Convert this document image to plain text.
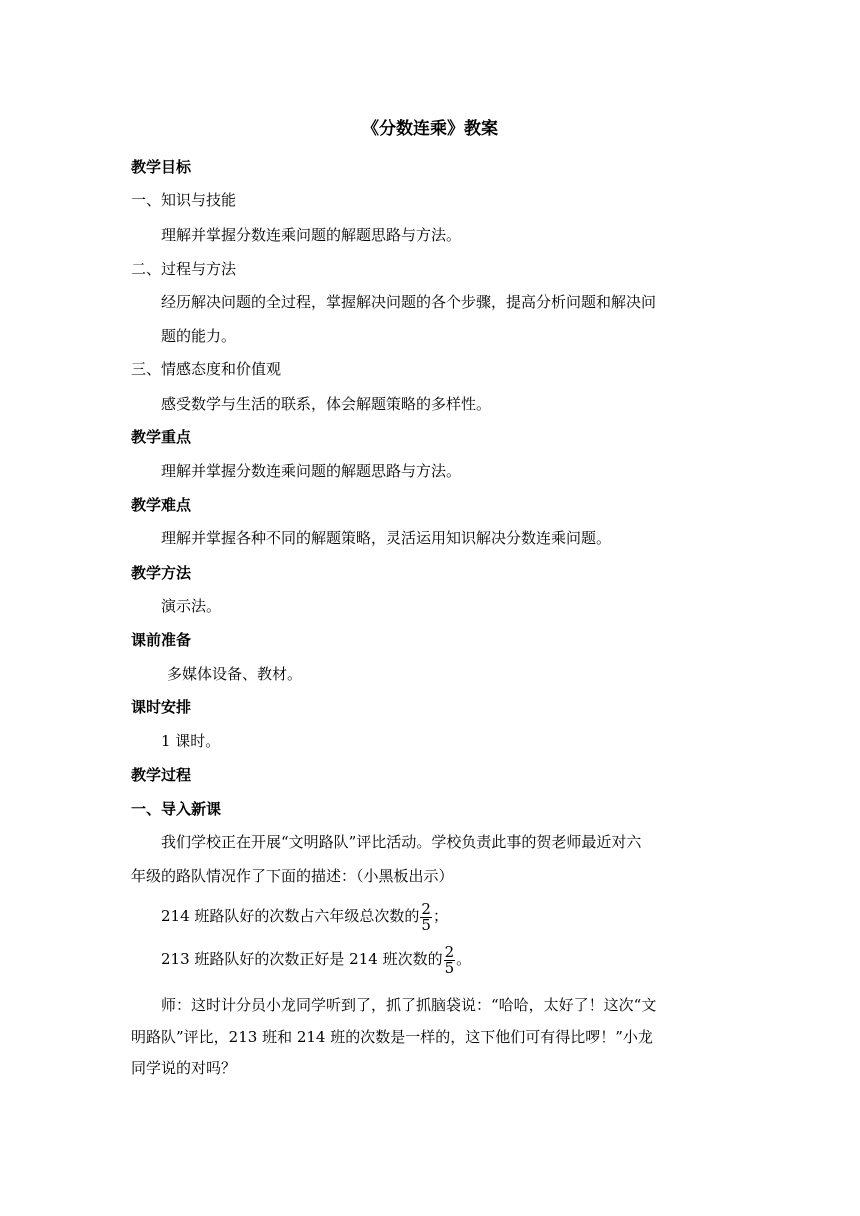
《分数连乘》教案
教学目标
一、知识与技能
理解并掌握分数连乘问题的解题思路与方法。
二、过程与方法
经历解决问题的全过程，掌握解决问题的各个步骤，提高分析问题和解决问
题的能力。
三、情感态度和价值观
感受数学与生活的联系，体会解题策略的多样性。
教学重点
理解并掌握分数连乘问题的解题思路与方法。
教学难点
理解并掌握各种不同的解题策略，灵活运用知识解决分数连乘问题。
教学方法
演示法。
课前准备
多媒体设备、教材。
课时安排
1 课时。
教学过程
一、导入新课
我们学校正在开展“文明路队”评比活动。学校负责此事的贺老师最近对六
年级的路队情况作了下面的描述：（小黑板出示）
214 班路队好的次数占六年级总次数的 $\frac{2}{5}$ ；
213 班路队好的次数正好是 214 班次数的 $\frac{2}{5}$ 。
师：这时计分员小龙同学听到了，抓了抓脑袋说：“哈哈，太好了！这次“文
明路队”评比，213 班和 214 班的次数是一样的，这下他们可有得比啰！”小龙
同学说的对吗？
